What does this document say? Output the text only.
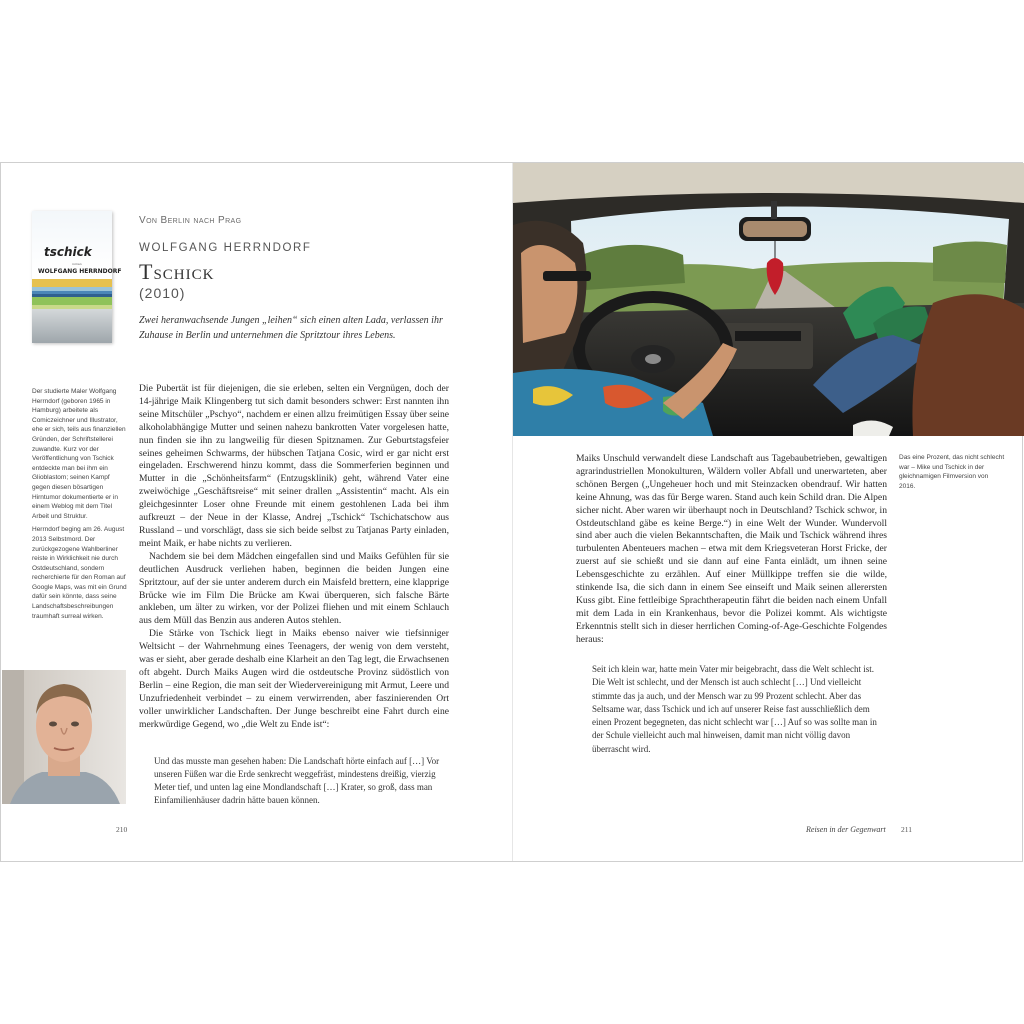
tschick
roman
WOLFGANG HERRNDORF
Von Berlin nach Prag
WOLFGANG HERRNDORF
Tschick
(2010)
Zwei heranwachsende Jungen „leihen“ sich einen alten Lada, verlassen ihr Zuhause in Berlin und unternehmen die Spritztour ihres Lebens.

Der studierte Maler Wolfgang Herrndorf (geboren 1965 in Hamburg) arbeitete als Comiczeichner und Illustrator, ehe er sich, teils aus finanziellen Gründen, der Schriftstellerei zuwandte. Kurz vor der Veröffentlichung von Tschick entdeckte man bei ihm ein Glioblastom; seinen Kampf gegen diesen bösartigen Hirntumor dokumentierte er in einem Weblog mit dem Titel Arbeit und Struktur.

Herrndorf beging am 26. August 2013 Selbstmord. Der zurückgezogene Wahlberliner reiste in Wirklichkeit nie durch Ostdeutschland, sondern recherchierte für den Roman auf Google Maps, was mit ein Grund dafür sein könnte, dass seine Landschaftsbeschreibungen traumhaft surreal wirken.

Die Pubertät ist für diejenigen, die sie erleben, selten ein Vergnügen, doch der 14-jährige Maik Klingenberg tut sich damit besonders schwer: Erst nannten ihn seine Mitschüler „Pschyo“, nachdem er einen allzu freimütigen Essay über seine alkoholabhängige Mutter und seinen nahezu bankrotten Vater vorgelesen hatte, nun finden sie ihn zu langweilig für diesen Spitznamen. Zur Geburtstagsfeier seines geheimen Schwarms, der hübschen Tatjana Cosic, wird er gar nicht erst eingeladen. Erschwerend hinzu kommt, dass die Sommerferien beginnen und Mutter in die „Schönheitsfarm“ (Entzugsklinik) geht, während Vater eine zweiwöchige „Geschäftsreise“ mit seiner drallen „Assistentin“ macht. Als ein gleichgesinnter Loser ohne Freunde mit einem gestohlenen Lada bei ihm aufkreuzt – der Neue in der Klasse, Andrej „Tschick“ Tschichatschow aus Russland – und vorschlägt, dass sie sich beide selbst zu Tatjanas Party einladen, meint Maik, er habe nichts zu verlieren.

Nachdem sie bei dem Mädchen eingefallen sind und Maiks Gefühlen für sie deutlichen Ausdruck verliehen haben, beginnen die beiden Jungen eine Spritztour, auf der sie unter anderem durch ein Maisfeld brettern, eine klapprige Brücke wie im Film Die Brücke am Kwai überqueren, sich falsche Bärte ankleben, um älter zu wirken, vor der Polizei fliehen und mit einem Schlauch aus dem Müll das Benzin aus anderen Autos stehlen.

Die Stärke von Tschick liegt in Maiks ebenso naiver wie tiefsinniger Weltsicht – der Wahrnehmung eines Teenagers, der wenig von dem versteht, was er sieht, aber gerade deshalb eine Klarheit an den Tag legt, die Erwachsenen oft abgeht. Durch Maiks Augen wird die ostdeutsche Provinz südöstlich von Berlin – eine Region, die man seit der Wiedervereinigung mit Armut, Leere und Unzufriedenheit verbindet – zu einem verwirrenden, aber faszinierenden Ort voller unwirklicher Landschaften. Der Junge beschreibt eine Fahrt durch eine merkwürdige Gegend, wo „die Welt zu Ende ist“:

Und das musste man gesehen haben: Die Landschaft hörte einfach auf […] Vor unseren Füßen war die Erde senkrecht weggefräst, mindestens dreißig, vierzig Meter tief, und unten lag eine Mondlandschaft […] Krater, so groß, dass man Einfamilienhäuser dadrin hätte bauen können.
210
Das eine Prozent, das nicht schlecht war – Mike und Tschick in der gleichnamigen Filmversion von 2016.

Maiks Unschuld verwandelt diese Landschaft aus Tagebaubetrieben, gewaltigen agrarindustriellen Monokulturen, Wäldern voller Abfall und unerwarteten, aber schönen Bergen („Ungeheuer hoch und mit Steinzacken obendrauf. Wir hatten keine Ahnung, was das für Berge waren. Stand auch kein Schild dran. Die Alpen sicher nicht. Aber waren wir überhaupt noch in Deutschland? Tschick schwor, in Ostdeutschland gäbe es keine Berge.“) in eine Welt der Wunder. Wundervoll sind aber auch die vielen Bekanntschaften, die Maik und Tschick während ihres turbulenten Abenteuers machen – etwa mit dem Kriegsveteran Horst Fricke, der zuerst auf sie schießt und sie dann auf eine Fanta einlädt, um ihnen seine Lebensgeschichte zu erzählen. Auf einer Müllkippe treffen sie die wilde, stinkende Isa, die sich dann in einem See einseift und Maik seinen allerersten Kuss gibt. Eine fettleibige Sprachtherapeutin fährt die beiden nach einem Unfall mit dem Lada in ein Krankenhaus, bevor die Polizei kommt. Als wichtigste Erkenntnis stellt sich in dieser herrlichen Coming-of-Age-Geschichte Folgendes heraus:

Seit ich klein war, hatte mein Vater mir beigebracht, dass die Welt schlecht ist. Die Welt ist schlecht, und der Mensch ist auch schlecht […] Und vielleicht stimmte das ja auch, und der Mensch war zu 99 Prozent schlecht. Aber das Seltsame war, dass Tschick und ich auf unserer Reise fast ausschließlich dem einen Prozent begegneten, das nicht schlecht war […] Auf so was sollte man in der Schule vielleicht auch mal hinweisen, damit man nicht völlig davon überrascht wird.
Reisen in der Gegenwart 211
